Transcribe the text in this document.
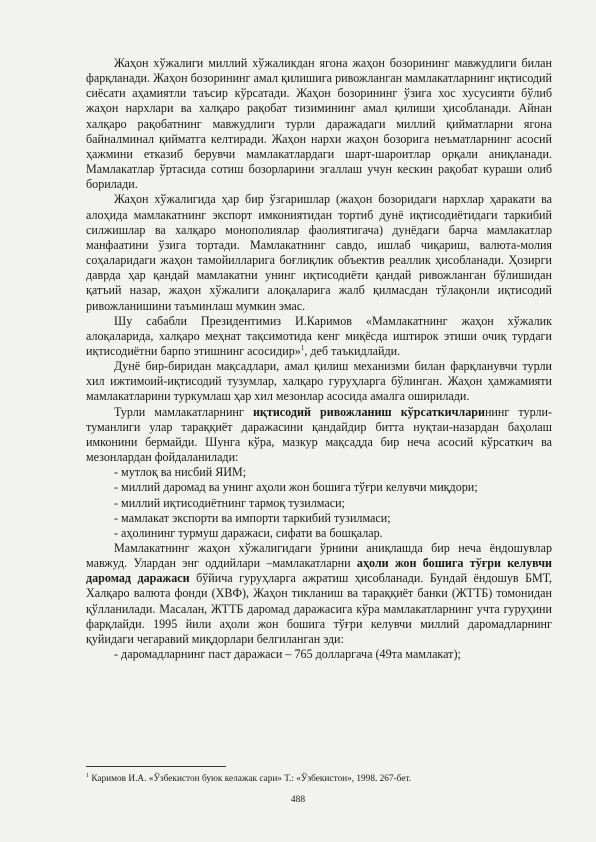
Жаҳон хўжалиги миллий хўжаликдан ягона жаҳон бозорининг мавжудлиги билан фарқланади. Жаҳон бозорининг амал қилишига ривожланган мамлакатларнинг иқтисодий сиёсати аҳамиятли таъсир кўрсатади. Жаҳон бозорининг ўзига хос хусусияти бўлиб жаҳон нархлари ва халқаро рақобат тизимининг амал қилиши ҳисобланади. Айнан халқаро рақобатнинг мавжудлиги турли даражадаги миллий қийматларни ягона байналминал қийматга келтиради. Жаҳон нархи жаҳон бозорига неъматларнинг асосий ҳажмини етказиб берувчи мамлакатлардаги шарт-шароитлар орқали аниқланади. Мамлакатлар ўртасида сотиш бозорларини эгаллаш учун кескин рақобат кураши олиб борилади.

Жаҳон хўжалигида ҳар бир ўзгаришлар (жаҳон бозоридаги нархлар ҳаракати ва алоҳида мамлакатнинг экспорт имкониятидан тортиб дунё иқтисодиётидаги таркибий силжишлар ва халқаро монополиялар фаолиятигача) дунёдаги барча мамлакатлар манфаатини ўзига тортади. Мамлакатнинг савдо, ишлаб чиқариш, валюта-молия соҳаларидаги жаҳон тамойилларига боғлиқлик объектив реаллик ҳисобланади. Ҳозирги даврда ҳар қандай мамлакатни унинг иқтисодиёти қандай ривожланган бўлишидан қатъий назар, жаҳон хўжалиги алоқаларига жалб қилмасдан тўлақонли иқтисодий ривожланишини таъминлаш мумкин эмас.

Шу сабабли Президентимиз И.Каримов «Мамлакатнинг жаҳон хўжалик алоқаларида, халқаро меҳнат тақсимотида кенг миқёсда иштирок этиши очиқ турдаги иқтисодиётни барпо этишнинг асосидир»$^1$, деб таъкидлайди.

Дунё бир-биридан мақсадлари, амал қилиш механизми билан фарқланувчи турли хил ижтимоий-иқтисодий тузумлар, халқаро гуруҳларга бўлинган. Жаҳон ҳамжамияти мамлакатларини туркумлаш ҳар хил мезонлар асосида амалга оширилади.

Турли мамлакатларнинг иқтисодий ривожланиш кўрсаткичларининг турли-туманлиги улар тараққиёт даражасини қандайдир битта нуқтаи-назардан баҳолаш имконини бермайди. Шунга кўра, мазкур мақсадда бир неча асосий кўрсаткич ва мезонлардан фойдаланилади:

- мутлоқ ва нисбий ЯИМ;

- миллий даромад ва унинг аҳоли жон бошига тўғри келувчи миқдори;

- миллий иқтисодиётнинг тармоқ тузилмаси;

- мамлакат экспорти ва импорти таркибий тузилмаси;

- аҳолининг турмуш даражаси, сифати ва бошқалар.

Мамлакатнинг жаҳон хўжалигидаги ўрнини аниқлашда бир неча ёндошувлар мавжуд. Улардан энг оддийлари –мамлакатларни аҳоли жон бошига тўғри келувчи даромад даражаси бўйича гуруҳларга ажратиш ҳисобланади. Бундай ёндошув БМТ, Халқаро валюта фонди (ХВФ), Жаҳон тикланиш ва тараққиёт банки (ЖТТБ) томонидан қўлланилади. Масалан, ЖТТБ даромад даражасига кўра мамлакатларнинг учта гуруҳини фарқлайди. 1995 йили аҳоли жон бошига тўғри келувчи миллий даромадларнинг қуйидаги чегаравий миқдорлари белгиланган эди:

- даромадларнинг паст даражаси – 765 долларгача (49та мамлакат);

$^1$ Каримов И.А. «Ўзбекистон буюк келажак сари» Т.: «Ўзбекистон», 1998. 267-бет.
488
